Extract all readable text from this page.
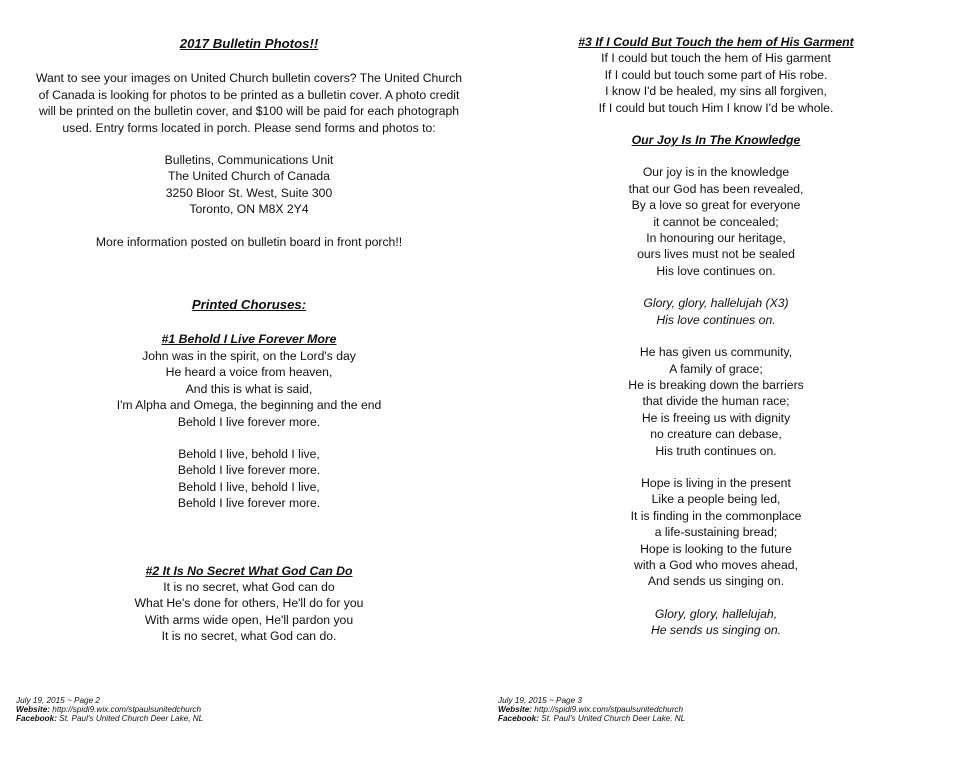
2017 Bulletin Photos!!
Want to see your images on United Church bulletin covers? The United Church
of Canada is looking for photos to be printed as a bulletin cover. A photo credit
will be printed on the bulletin cover, and $100 will be paid for each photograph
used. Entry forms located in porch. Please send forms and photos to:
Bulletins, Communications Unit
The United Church of Canada
3250 Bloor St. West, Suite 300
Toronto, ON M8X 2Y4
More information posted on bulletin board in front porch!!
Printed Choruses:
#1 Behold I Live Forever More
John was in the spirit, on the Lord's day
He heard a voice from heaven,
And this is what is said,
I'm Alpha and Omega, the beginning and the end
Behold I live forever more.
Behold I live, behold I live,
Behold I live forever more.
Behold I live, behold I live,
Behold I live forever more.
#2 It Is No Secret What God Can Do
It is no secret, what God can do
What He's done for others, He'll do for you
With arms wide open, He'll pardon you
It is no secret, what God can do.
July 19, 2015 ~ Page 2
Website: http://spidi9.wix.com/stpaulsunitedchurch
Facebook: St. Paul's United Church Deer Lake, NL
#3 If I Could But Touch the hem of His Garment
If I could but touch the hem of His garment
If I could but touch some part of His robe.
I know I'd be healed, my sins all forgiven,
If I could but touch Him I know I'd be whole.
Our Joy Is In The Knowledge
Our joy is in the knowledge
that our God has been revealed,
By a love so great for everyone
it cannot be concealed;
In honouring our heritage,
ours lives must not be sealed
His love continues on.
Glory, glory, hallelujah (X3)
His love continues on.
He has given us community,
A family of grace;
He is breaking down the barriers
that divide the human race;
He is freeing us with dignity
no creature can debase,
His truth continues on.
Hope is living in the present
Like a people being led,
It is finding in the commonplace
a life-sustaining bread;
Hope is looking to the future
with a God who moves ahead,
And sends us singing on.
Glory, glory, hallelujah,
He sends us singing on.
July 19, 2015 ~ Page 3
Website: http://spidi9.wix.com/stpaulsunitedchurch
Facebook: St. Paul's United Church Deer Lake, NL
